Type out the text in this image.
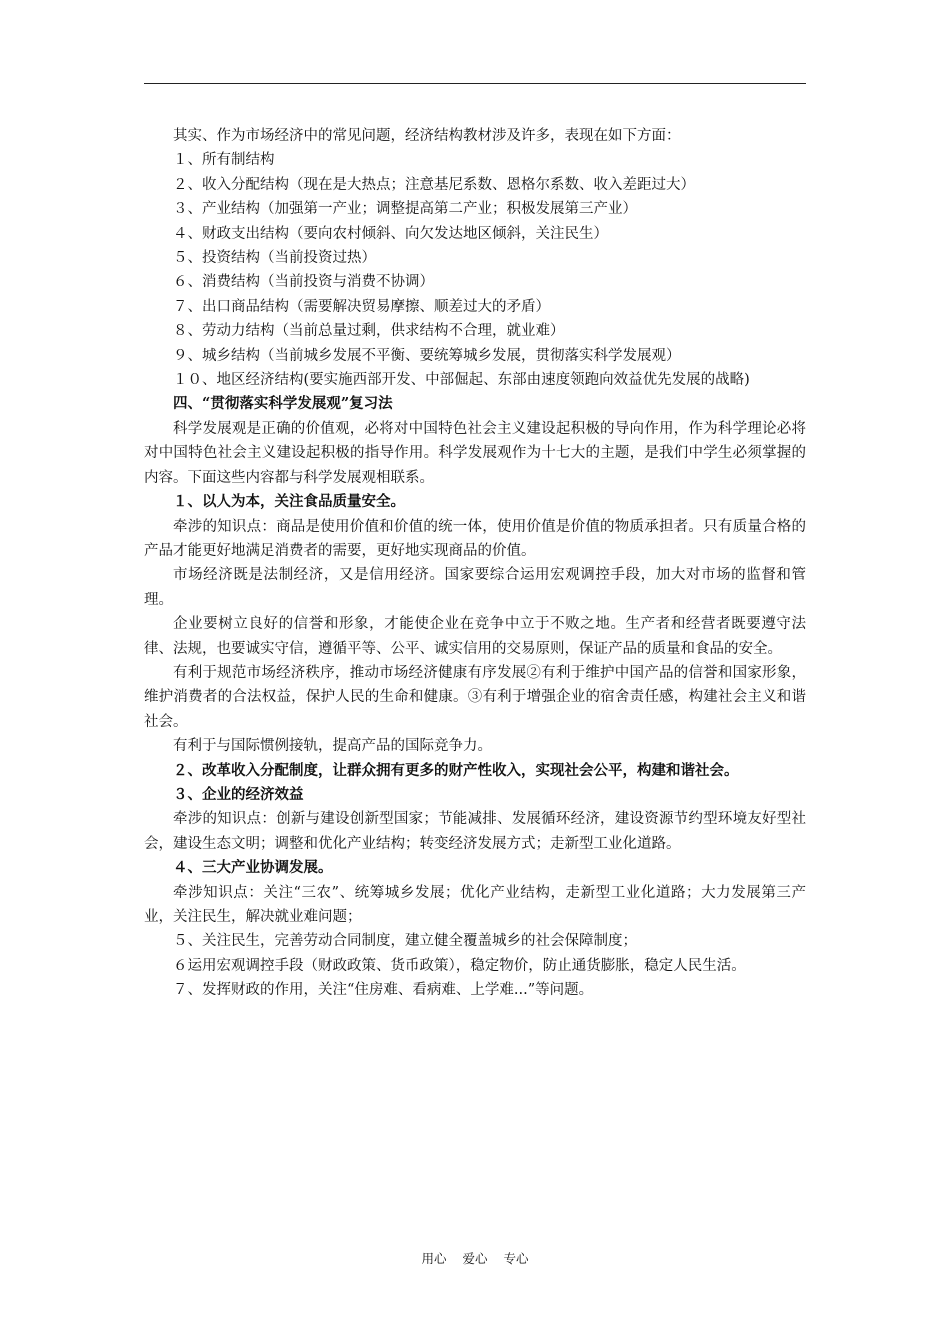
其实、作为市场经济中的常见问题，经济结构教材涉及许多，表现在如下方面：

１、所有制结构

２、收入分配结构（现在是大热点；注意基尼系数、恩格尔系数、收入差距过大）

３、产业结构（加强第一产业；调整提高第二产业；积极发展第三产业）

４、财政支出结构（要向农村倾斜、向欠发达地区倾斜，关注民生）

５、投资结构（当前投资过热）

６、消费结构（当前投资与消费不协调）

７、出口商品结构（需要解决贸易摩擦、顺差过大的矛盾）

８、劳动力结构（当前总量过剩，供求结构不合理，就业难）

９、城乡结构（当前城乡发展不平衡、要统筹城乡发展，贯彻落实科学发展观）

１０、地区经济结构(要实施西部开发、中部倔起、东部由速度领跑向效益优先发展的战略)

四、“贯彻落实科学发展观”复习法

科学发展观是正确的价值观，必将对中国特色社会主义建设起积极的导向作用，作为科学理论必将对中国特色社会主义建设起积极的指导作用。科学发展观作为十七大的主题，是我们中学生必须掌握的内容。下面这些内容都与科学发展观相联系。

１、以人为本，关注食品质量安全。

牵涉的知识点：商品是使用价值和价值的统一体，使用价值是价值的物质承担者。只有质量合格的产品才能更好地满足消费者的需要，更好地实现商品的价值。

市场经济既是法制经济，又是信用经济。国家要综合运用宏观调控手段，加大对市场的监督和管理。

企业要树立良好的信誉和形象，才能使企业在竞争中立于不败之地。生产者和经营者既要遵守法律、法规，也要诚实守信，遵循平等、公平、诚实信用的交易原则，保证产品的质量和食品的安全。

有利于规范市场经济秩序，推动市场经济健康有序发展②有利于维护中国产品的信誉和国家形象，维护消费者的合法权益，保护人民的生命和健康。③有利于增强企业的宿舍责任感，构建社会主义和谐社会。

有利于与国际惯例接轨，提高产品的国际竞争力。

２、改革收入分配制度，让群众拥有更多的财产性收入，实现社会公平，构建和谐社会。

３、企业的经济效益

牵涉的知识点：创新与建设创新型国家；节能减排、发展循环经济，建设资源节约型环境友好型社会，建设生态文明；调整和优化产业结构；转变经济发展方式；走新型工业化道路。

４、三大产业协调发展。

牵涉知识点：关注“三农”、统筹城乡发展；优化产业结构，走新型工业化道路；大力发展第三产业，关注民生，解决就业难问题；

５、关注民生，完善劳动合同制度，建立健全覆盖城乡的社会保障制度；

６运用宏观调控手段（财政政策、货币政策），稳定物价，防止通货膨胀，稳定人民生活。

７、发挥财政的作用，关注“住房难、看病难、上学难...”等问题。

用心 爱心 专心
